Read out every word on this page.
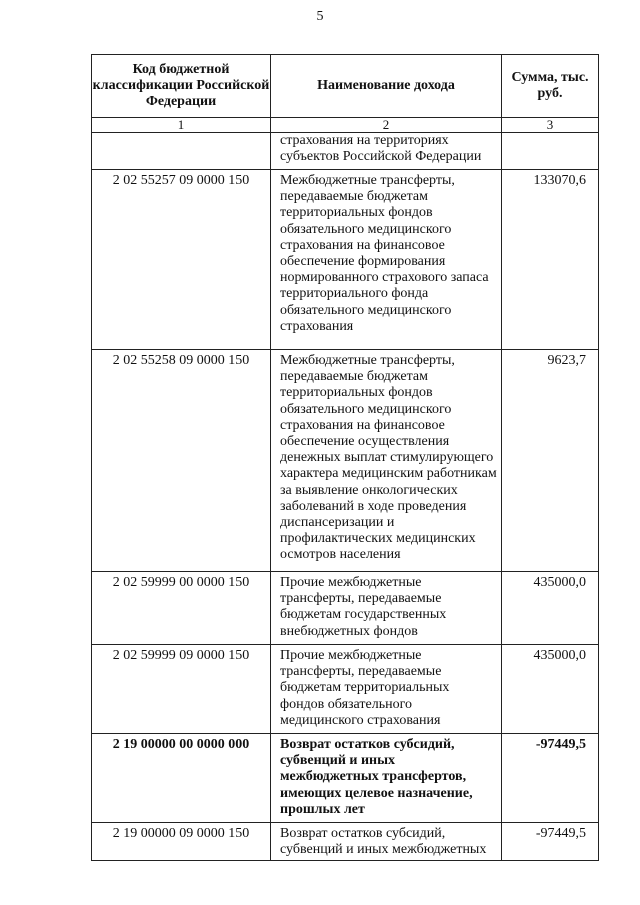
5
Код бюджетной классификации Российской Федерации	Наименование дохода	Сумма, тыс. руб.
1	2	3
	страхования на территориях субъектов Российской Федерации	
2 02 55257 09 0000 150	Межбюджетные трансферты, передаваемые бюджетам территориальных фондов обязательного медицинского страхования на финансовое обеспечение формирования нормированного страхового запаса территориального фонда обязательного медицинского страхования	133070,6
2 02 55258 09 0000 150	Межбюджетные трансферты, передаваемые бюджетам территориальных фондов обязательного медицинского страхования на финансовое обеспечение осуществления денежных выплат стимулирующего характера медицинским работникам за выявление онкологических заболеваний в ходе проведения диспансеризации и профилактических медицинских осмотров населения	9623,7
2 02 59999 00 0000 150	Прочие межбюджетные трансферты, передаваемые бюджетам государственных внебюджетных фондов	435000,0
2 02 59999 09 0000 150	Прочие межбюджетные трансферты, передаваемые бюджетам территориальных фондов обязательного медицинского страхования	435000,0
2 19 00000 00 0000 000	Возврат остатков субсидий, субвенций и иных межбюджетных трансфертов, имеющих целевое назначение, прошлых лет	-97449,5
2 19 00000 09 0000 150	Возврат остатков субсидий, субвенций и иных межбюджетных	-97449,5
